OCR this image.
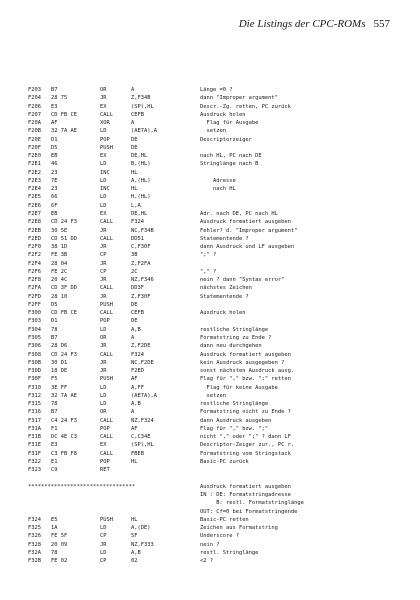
Die Listings der CPC-ROMs 557
F203 B7	OR	A	Länge =0 ?
F204 28 75	JR	Z,F34B	dann "Improper argument"
F206 E3	EX	(SP),HL	Descr.-Zg. retten, PC zurück
F207 CD FB CE	CALL	CEFB	Ausdruck holen
F20A AF	XOR	A	Flag für Ausgabe
F20B 32 7A AE	LD	(AE7A),A	setzen
F20E D1	POP	DE	Descriptorzeiger
F20F D5	PUSH	DE
F2E0 EB	EX	DE,HL	nach HL, PC nach DE
F2E1 46	LD	B,(HL)	Stringlänge nach B
F2E2 23	INC	HL
F2E3 7E	LD	A,(HL)	Adresse
F2E4 23	INC	HL	nach HL
F2E5 66	LD	H,(HL)
F2E6 6F	LD	L,A
F2E7 EB	EX	DE,HL	Adr. nach DE, PC nach HL
F2E8 CD 24 F3	CALL	F324	Ausdruck formatiert ausgeben
F2EB 30 5E	JR	NC,F34B	Fehler? d. "Improper argument"
F2ED CD 51 DD	CALL	DD51	Statementende ?
F2F0 38 1D	JR	C,F30F	dann Ausdruck und LF ausgeben
F2F2 FE 3B	CP	3B	";" ?
F2F4 28 04	JR	Z,F2FA
F2F6 FE 2C	CP	2C	"," ?
F2F8 20 4C	JR	NZ,F346	nein ? dann "Syntax error"
F2FA CD 3F DD	CALL	DD3F	nächstes Zeichen
F2FD 28 10	JR	Z,F30F	Statementende ?
F2FF D5	PUSH	DE
F300 CD FB CE	CALL	CEFB	Ausdruck holen
F303 D1	POP	DE
F304 78	LD	A,B	restliche Stringlänge
F305 B7	OR	A	Formatstring zu Ende ?
F306 28 D6	JR	Z,F2DE	dann neu durchgehen
F308 CD 24 F3	CALL	F324	Ausdruck formatiert ausgeben
F30B 30 D1	JR	NC,F2DE	kein Ausdruck ausgegeben ?
F30D 18 DE	JR	F2ED	sonst nächsten Ausdruck ausg.
F30F F5	PUSH	AF	Flag für "," bzw. ";" retten
F310 3E FF	LD	A,FF	Flag für keine Ausgabe
F312 32 7A AE	LD	(AE7A),A	setzen
F315 78	LD	A,B	restliche Stringlänge
F316 B7	OR	A	Formatstring nicht zu Ende ?
F317 C4 24 F3	CALL	NZ,F324	dann Ausdruck ausgeben
F31A F1	POP	AF	Flag für "," bzw. ";"
F31B DC 4E C3	CALL	C,C34E	nicht "," oder ";" ? dann LF
F31E E3	EX	(SP),HL	Descriptor-Zeiger zur., PC r.
F31F C3 FB F8	CALL	FBEB	Formatstring vom Stringstack
F322 E1	POP	HL	Basic-PC zurück
F323 C9	RET
*********************************	Ausdruck formatiert ausgeben
IN : DE: Formatstringadresse
B: restl. Formatstringlänge
OUT: Cf=0 bei Formatstringende
F324 E5	PUSH	HL	Basic-PC retten
F325 1A	LD	A,(DE)	Zeichen aus Formatstring
F326 FE 5F	CP	5F	Underscore ?
F328 20 09	JR	NZ,F333	nein ?
F32A 78	LD	A,B	restl. Stringlänge
F32B FE 02	CP	02	<2 ?
